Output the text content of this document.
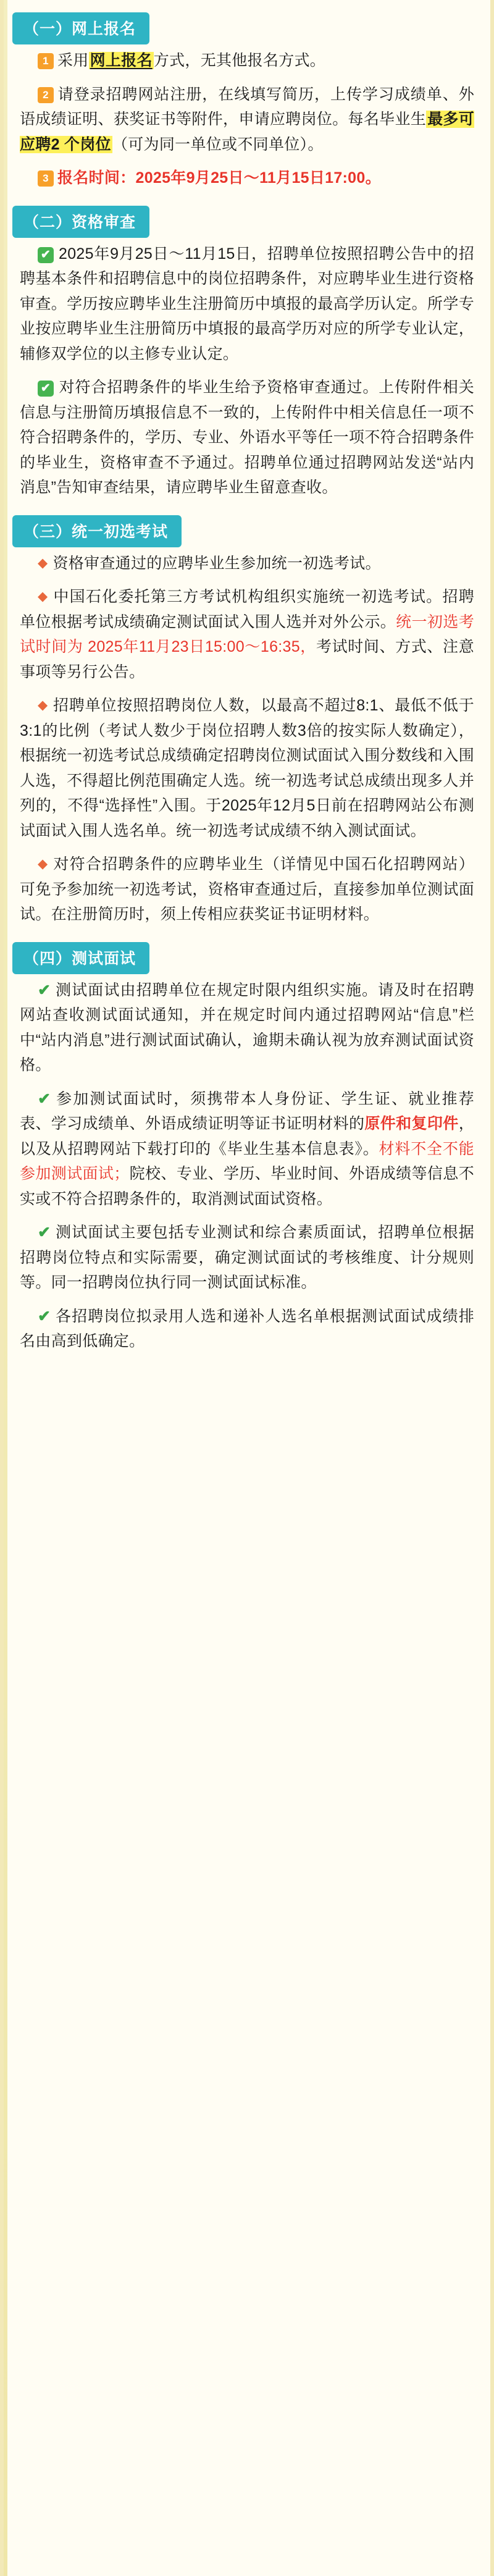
（一）网上报名

1 采用网上报名方式，无其他报名方式。

2 请登录招聘网站注册，在线填写简历，上传学习成绩单、外语成绩证明、获奖证书等附件，申请应聘岗位。每名毕业生最多可应聘2 个岗位（可为同一单位或不同单位）。

3 报名时间：2025年9月25日～11月15日17:00。

（二）资格审查

✔ 2025年9月25日～11月15日，招聘单位按照招聘公告中的招聘基本条件和招聘信息中的岗位招聘条件，对应聘毕业生进行资格审查。学历按应聘毕业生注册简历中填报的最高学历认定。所学专业按应聘毕业生注册简历中填报的最高学历对应的所学专业认定，辅修双学位的以主修专业认定。

✔ 对符合招聘条件的毕业生给予资格审查通过。上传附件相关信息与注册简历填报信息不一致的，上传附件中相关信息任一项不符合招聘条件的，学历、专业、外语水平等任一项不符合招聘条件的毕业生，资格审查不予通过。招聘单位通过招聘网站发送“站内消息”告知审查结果，请应聘毕业生留意查收。

（三）统一初选考试

◆ 资格审查通过的应聘毕业生参加统一初选考试。

◆ 中国石化委托第三方考试机构组织实施统一初选考试。招聘单位根据考试成绩确定测试面试入围人选并对外公示。统一初选考试时间为 2025年11月23日15:00～16:35，考试时间、方式、注意事项等另行公告。

◆ 招聘单位按照招聘岗位人数，以最高不超过8:1、最低不低于3:1的比例（考试人数少于岗位招聘人数3倍的按实际人数确定），根据统一初选考试总成绩确定招聘岗位测试面试入围分数线和入围人选，不得超比例范围确定人选。统一初选考试总成绩出现多人并列的，不得“选择性”入围。于2025年12月5日前在招聘网站公布测试面试入围人选名单。统一初选考试成绩不纳入测试面试。

◆ 对符合招聘条件的应聘毕业生（详情见中国石化招聘网站）可免予参加统一初选考试，资格审查通过后，直接参加单位测试面试。在注册简历时，须上传相应获奖证书证明材料。

（四）测试面试

✔ 测试面试由招聘单位在规定时限内组织实施。请及时在招聘网站查收测试面试通知，并在规定时间内通过招聘网站“信息”栏中“站内消息”进行测试面试确认，逾期未确认视为放弃测试面试资格。

✔ 参加测试面试时，须携带本人身份证、学生证、就业推荐表、学习成绩单、外语成绩证明等证书证明材料的原件和复印件，以及从招聘网站下载打印的《毕业生基本信息表》。材料不全不能参加测试面试；院校、专业、学历、毕业时间、外语成绩等信息不实或不符合招聘条件的，取消测试面试资格。

✔ 测试面试主要包括专业测试和综合素质面试，招聘单位根据招聘岗位特点和实际需要，确定测试面试的考核维度、计分规则等。同一招聘岗位执行同一测试面试标准。

✔ 各招聘岗位拟录用人选和递补人选名单根据测试面试成绩排名由高到低确定。
